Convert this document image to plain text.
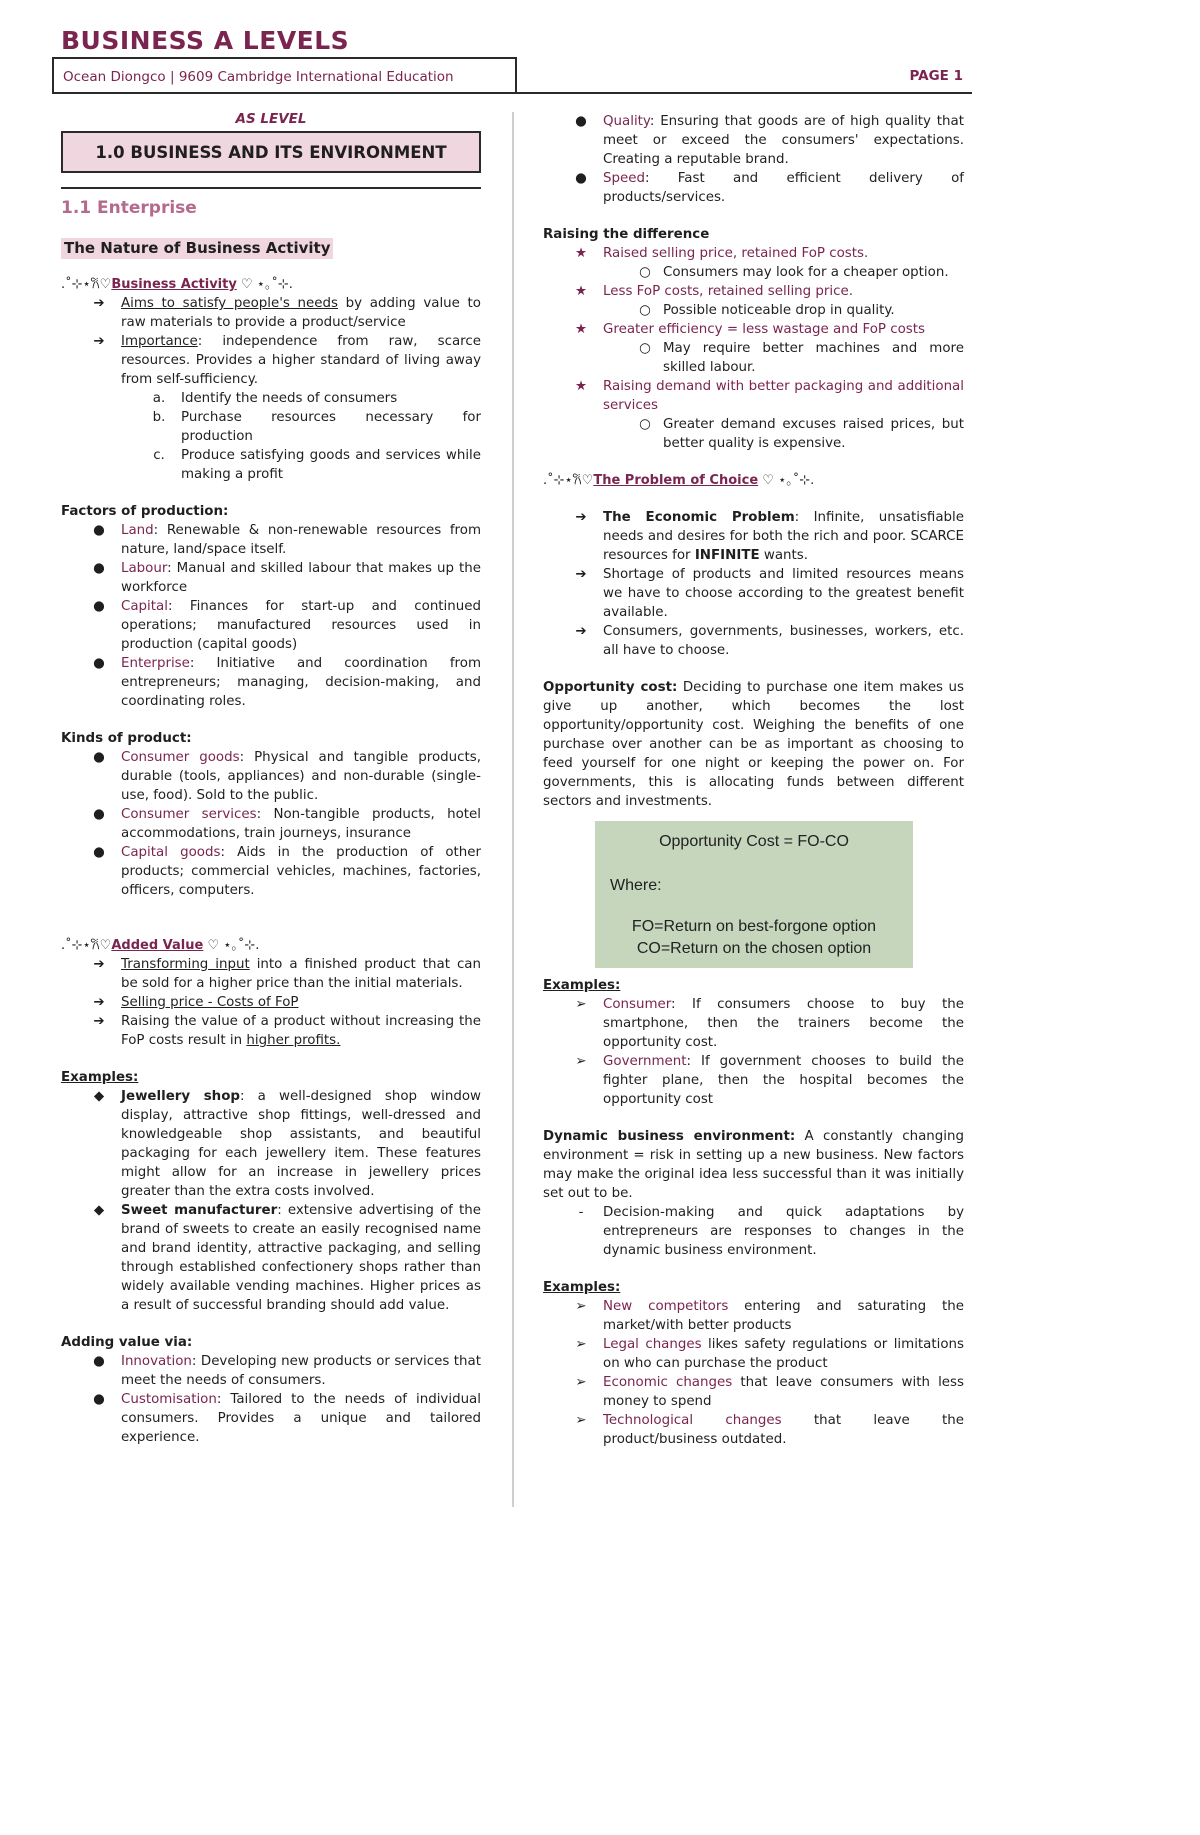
BUSINESS A LEVELS
Ocean Diongco | 9609 Cambridge International Education	PAGE 1
AS LEVEL
1.0 BUSINESS AND ITS ENVIRONMENT
1.1 Enterprise
The Nature of Business Activity
.˚⊹⋆𐙚♡Business Activity ♡ ⋆｡˚⊹.
➔	Aims to satisfy people's needs by adding value to raw materials to provide a product/service
➔	Importance: independence from raw, scarce resources. Provides a higher standard of living away from self-sufficiency.
a. Identify the needs of consumers
b. Purchase resources necessary for production
c.	Produce satisfying goods and services while making a profit
Factors of production:
●	Land: Renewable & non-renewable resources from nature, land/space itself.
●	Labour: Manual and skilled labour that makes up the workforce
●	Capital: Finances for start-up and continued operations; manufactured resources used in production (capital goods)
●	Enterprise: Initiative and coordination from entrepreneurs; managing, decision-making, and coordinating roles.
Kinds of product:
●	Consumer goods: Physical and tangible products, durable (tools, appliances) and non-durable (single-use, food). Sold to the public.
●	Consumer services: Non-tangible products, hotel accommodations, train journeys, insurance
●	Capital goods: Aids in the production of other products; commercial vehicles, machines, factories, officers, computers.
.˚⊹⋆𐙚♡Added Value ♡ ⋆｡˚⊹.
➔	Transforming input into a finished product that can be sold for a higher price than the initial materials.
➔	Selling price - Costs of FoP
➔	Raising the value of a product without increasing the FoP costs result in higher profits.
Examples:
◆	Jewellery shop: a well-designed shop window display, attractive shop fittings, well-dressed and knowledgeable shop assistants, and beautiful packaging for each jewellery item. These features might allow for an increase in jewellery prices greater than the extra costs involved.
◆	Sweet manufacturer: extensive advertising of the brand of sweets to create an easily recognised name and brand identity, attractive packaging, and selling through established confectionery shops rather than widely available vending machines. Higher prices as a result of successful branding should add value.
Adding value via:
●	Innovation: Developing new products or services that meet the needs of consumers.
●	Customisation: Tailored to the needs of individual consumers. Provides a unique and tailored experience.
●	Quality: Ensuring that goods are of high quality that meet or exceed the consumers' expectations. Creating a reputable brand.
●	Speed: Fast and efficient delivery of products/services.
Raising the difference
★ Raised selling price, retained FoP costs.
○ Consumers may look for a cheaper option.
★ Less FoP costs, retained selling price.
○ Possible noticeable drop in quality.
★ Greater efficiency = less wastage and FoP costs
○ May require better machines and more skilled labour.
★ Raising demand with better packaging and additional services
○ Greater demand excuses raised prices, but better quality is expensive.
.˚⊹⋆𐙚♡The Problem of Choice ♡ ⋆｡˚⊹.
➔	The Economic Problem: Infinite, unsatisfiable needs and desires for both the rich and poor. SCARCE resources for INFINITE wants.
➔	Shortage of products and limited resources means we have to choose according to the greatest benefit available.
➔	Consumers, governments, businesses, workers, etc. all have to choose.
Opportunity cost: Deciding to purchase one item makes us give up another, which becomes the lost opportunity/opportunity cost. Weighing the benefits of one purchase over another can be as important as choosing to feed yourself for one night or keeping the power on. For governments, this is allocating funds between different sectors and investments.
Opportunity Cost = FO-CO
Where:
FO=Return on best-forgone option
CO=Return on the chosen option
Examples:
➢	Consumer: If consumers choose to buy the smartphone, then the trainers become the opportunity cost.
➢	Government: If government chooses to build the fighter plane, then the hospital becomes the opportunity cost
Dynamic business environment: A constantly changing environment = risk in setting up a new business. New factors may make the original idea less successful than it was initially set out to be.
-	Decision-making and quick adaptations by entrepreneurs are responses to changes in the dynamic business environment.
Examples:
➢	New competitors entering and saturating the market/with better products
➢	Legal changes likes safety regulations or limitations on who can purchase the product
➢	Economic changes that leave consumers with less money to spend
➢	Technological changes that leave the product/business outdated.
